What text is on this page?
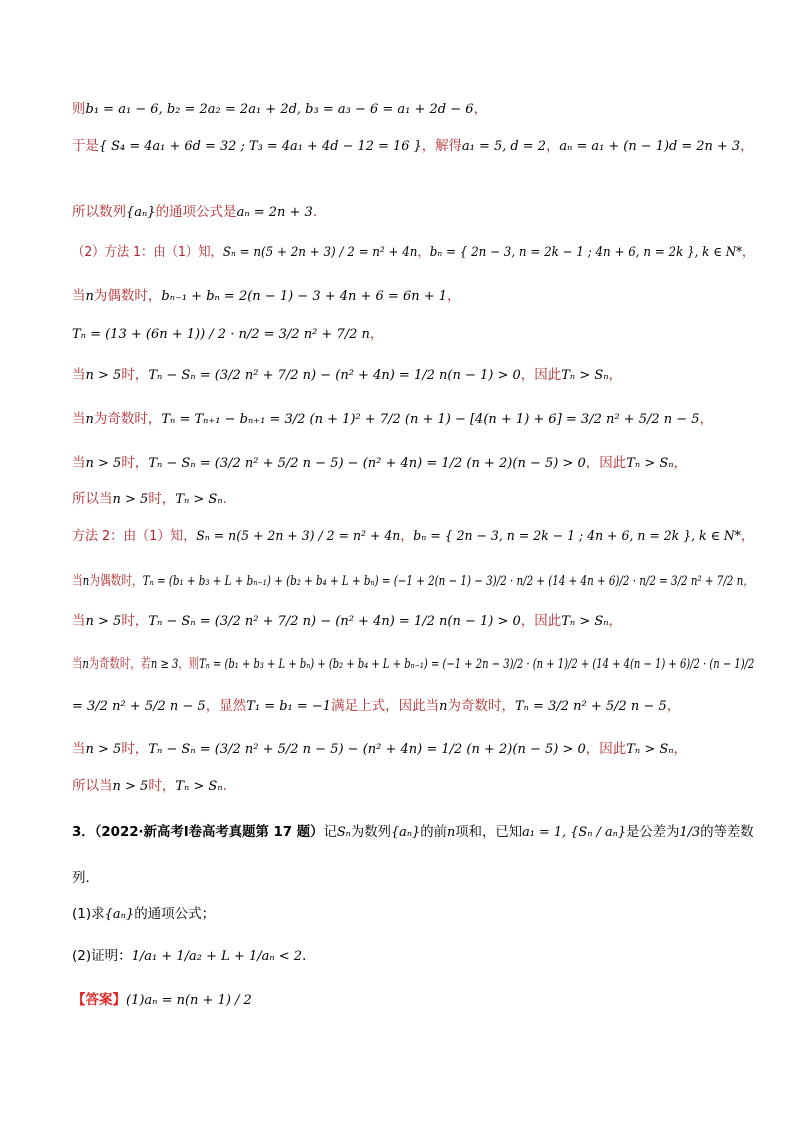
则b₁ = a₁ − 6, b₂ = 2a₂ = 2a₁ + 2d, b₃ = a₃ − 6 = a₁ + 2d − 6，
于是{ S₄ = 4a₁ + 6d = 32 ; T₃ = 4a₁ + 4d − 12 = 16 }，解得a₁ = 5, d = 2，aₙ = a₁ + (n − 1)d = 2n + 3，
所以数列{aₙ}的通项公式是aₙ = 2n + 3.
（2）方法 1：由（1）知，Sₙ = n(5 + 2n + 3) / 2 = n² + 4n，bₙ = { 2n − 3, n = 2k − 1 ; 4n + 6, n = 2k }, k ∈ N*，
当n为偶数时，bₙ₋₁ + bₙ = 2(n − 1) − 3 + 4n + 6 = 6n + 1，
Tₙ = (13 + (6n + 1)) / 2 · n/2 = 3/2 n² + 7/2 n，
当n > 5时，Tₙ − Sₙ = (3/2 n² + 7/2 n) − (n² + 4n) = 1/2 n(n − 1) > 0，因此Tₙ > Sₙ，
当n为奇数时，Tₙ = Tₙ₊₁ − bₙ₊₁ = 3/2 (n + 1)² + 7/2 (n + 1) − [4(n + 1) + 6] = 3/2 n² + 5/2 n − 5，
当n > 5时，Tₙ − Sₙ = (3/2 n² + 5/2 n − 5) − (n² + 4n) = 1/2 (n + 2)(n − 5) > 0，因此Tₙ > Sₙ，
所以当n > 5时，Tₙ > Sₙ.
方法 2：由（1）知，Sₙ = n(5 + 2n + 3) / 2 = n² + 4n，bₙ = { 2n − 3, n = 2k − 1 ; 4n + 6, n = 2k }, k ∈ N*，
当n为偶数时，Tₙ = (b₁ + b₃ + L + bₙ₋₁) + (b₂ + b₄ + L + bₙ) = (−1 + 2(n − 1) − 3)/2 · n/2 + (14 + 4n + 6)/2 · n/2 = 3/2 n² + 7/2 n，
当n > 5时，Tₙ − Sₙ = (3/2 n² + 7/2 n) − (n² + 4n) = 1/2 n(n − 1) > 0，因此Tₙ > Sₙ，
当n为奇数时，若n ≥ 3，则Tₙ = (b₁ + b₃ + L + bₙ) + (b₂ + b₄ + L + bₙ₋₁) = (−1 + 2n − 3)/2 · (n + 1)/2 + (14 + 4(n − 1) + 6)/2 · (n − 1)/2
= 3/2 n² + 5/2 n − 5，显然T₁ = b₁ = −1满足上式，因此当n为奇数时，Tₙ = 3/2 n² + 5/2 n − 5，
当n > 5时，Tₙ − Sₙ = (3/2 n² + 5/2 n − 5) − (n² + 4n) = 1/2 (n + 2)(n − 5) > 0，因此Tₙ > Sₙ，
所以当n > 5时，Tₙ > Sₙ.
3．（2022·新高考Ⅰ卷高考真题第 17 题）记Sₙ为数列{aₙ}的前n项和，已知a₁ = 1, {Sₙ / aₙ}是公差为1/3的等差数
列．
(1)求{aₙ}的通项公式；
(2)证明：1/a₁ + 1/a₂ + L + 1/aₙ < 2．
【答案】(1)aₙ = n(n + 1) / 2
